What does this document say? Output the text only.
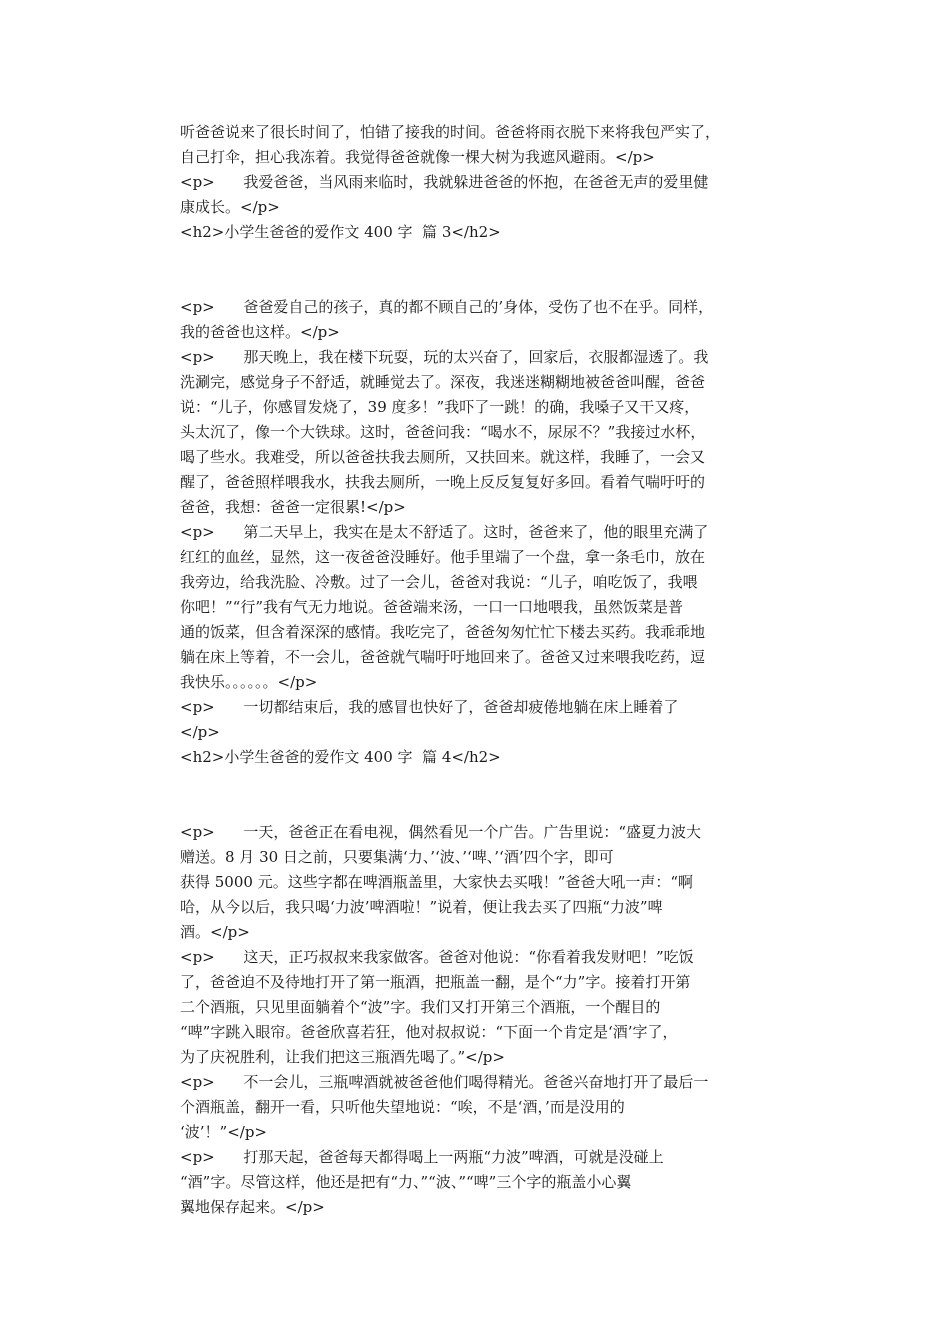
听爸爸说来了很长时间了，怕错了接我的时间。爸爸将雨衣脱下来将我包严实了，
自己打伞，担心我冻着。我觉得爸爸就像一棵大树为我遮风避雨。</p>
<p>      我爱爸爸，当风雨来临时，我就躲进爸爸的怀抱，在爸爸无声的爱里健
康成长。</p>
<h2>小学生爸爸的爱作文 400 字  篇 3</h2>
<p>      爸爸爱自己的孩子，真的都不顾自己的’身体，受伤了也不在乎。同样，
我的爸爸也这样。</p>
<p>      那天晚上，我在楼下玩耍，玩的太兴奋了，回家后，衣服都湿透了。我
洗涮完，感觉身子不舒适，就睡觉去了。深夜，我迷迷糊糊地被爸爸叫醒，爸爸
说：“儿子，你感冒发烧了，39 度多！”我吓了一跳！的确，我嗓子又干又疼，
头太沉了，像一个大铁球。这时，爸爸问我：“喝水不，尿尿不？”我接过水杯，
喝了些水。我难受，所以爸爸扶我去厕所，又扶回来。就这样，我睡了，一会又
醒了，爸爸照样喂我水，扶我去厕所，一晚上反反复复好多回。看着气喘吁吁的
爸爸，我想：爸爸一定很累!</p>
<p>      第二天早上，我实在是太不舒适了。这时，爸爸来了，他的眼里充满了
红红的血丝，显然，这一夜爸爸没睡好。他手里端了一个盘，拿一条毛巾，放在
我旁边，给我洗脸、冷敷。过了一会儿，爸爸对我说：“儿子，咱吃饭了，我喂
你吧！”“行”我有气无力地说。爸爸端来汤，一口一口地喂我，虽然饭菜是普
通的饭菜，但含着深深的感情。我吃完了，爸爸匆匆忙忙下楼去买药。我乖乖地
躺在床上等着，不一会儿，爸爸就气喘吁吁地回来了。爸爸又过来喂我吃药，逗
我快乐。。。。。。</p>
<p>      一切都结束后，我的感冒也快好了，爸爸却疲倦地躺在床上睡着了
</p>
<h2>小学生爸爸的爱作文 400 字  篇 4</h2>
<p>      一天，爸爸正在看电视，偶然看见一个广告。广告里说：“盛夏力波大
赠送。8 月 30 日之前，只要集满‘力、’‘波、’‘啤、’‘酒’四个字，即可
获得 5000 元。这些字都在啤酒瓶盖里，大家快去买哦！”爸爸大吼一声：“啊
哈，从今以后，我只喝‘力波’啤酒啦！”说着，便让我去买了四瓶“力波”啤
酒。</p>
<p>      这天，正巧叔叔来我家做客。爸爸对他说：“你看着我发财吧！”吃饭
了，爸爸迫不及待地打开了第一瓶酒，把瓶盖一翻，是个“力”字。接着打开第
二个酒瓶，只见里面躺着个“波”字。我们又打开第三个酒瓶，一个醒目的
“啤”字跳入眼帘。爸爸欣喜若狂，他对叔叔说：“下面一个肯定是‘酒’字了，
为了庆祝胜利，让我们把这三瓶酒先喝了。”</p>
<p>      不一会儿，三瓶啤酒就被爸爸他们喝得精光。爸爸兴奋地打开了最后一
个酒瓶盖，翻开一看，只听他失望地说：“唉，不是‘酒，’而是没用的
‘波’！”</p>
<p>      打那天起，爸爸每天都得喝上一两瓶“力波”啤酒，可就是没碰上
“酒”字。尽管这样，他还是把有“力、”“波、”“啤”三个字的瓶盖小心翼
翼地保存起来。</p>
